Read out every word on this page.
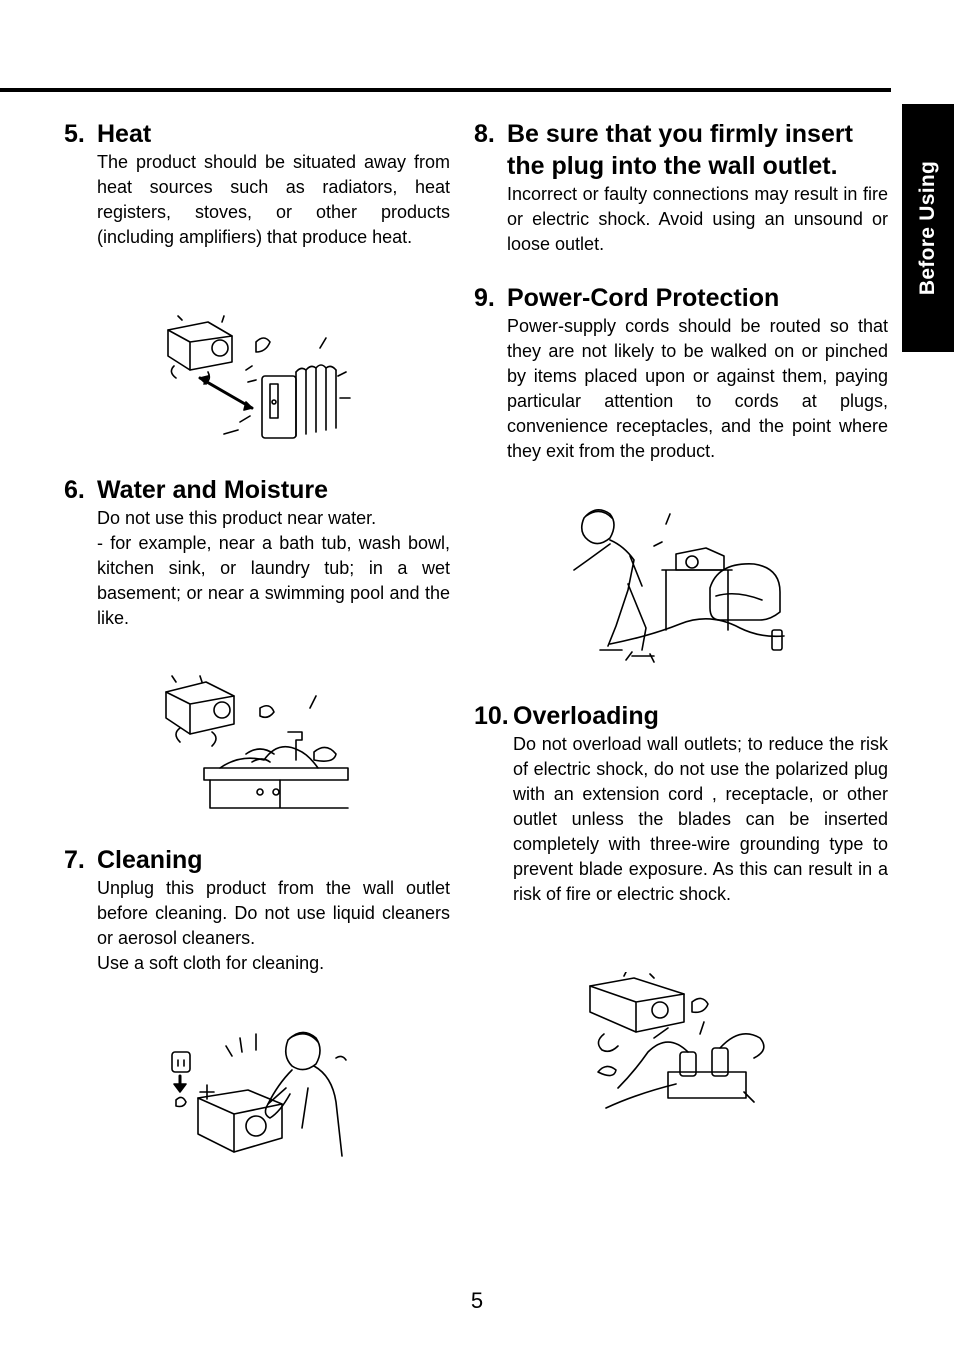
Before Using
5. Heat
The product should be situated away from heat sources such as radiators, heat registers, stoves, or other products (including amplifiers) that produce heat.
6. Water and Moisture
Do not use this product near water.
- for example, near a bath tub, wash bowl, kitchen sink, or laundry tub; in a wet basement; or near a swimming pool and the like.
7. Cleaning
Unplug this product from the wall outlet before cleaning. Do not use liquid cleaners or aerosol cleaners.
Use a soft cloth for cleaning.
8. Be sure that you firmly insert the plug into the wall outlet.
Incorrect or faulty connections may result in fire or electric shock. Avoid using an unsound or loose outlet.
9. Power-Cord Protection
Power-supply cords should be routed so that they are not likely to be walked on or pinched by items placed upon or against them, paying particular attention to cords at plugs, convenience receptacles, and the point where they exit from the product.
10. Overloading
Do not overload wall outlets; to reduce the risk of electric shock, do not use the polarized plug with an extension cord , receptacle, or other outlet unless the blades can be inserted completely with three-wire grounding type to prevent blade exposure. As this can result in a risk of fire or electric shock.
5
